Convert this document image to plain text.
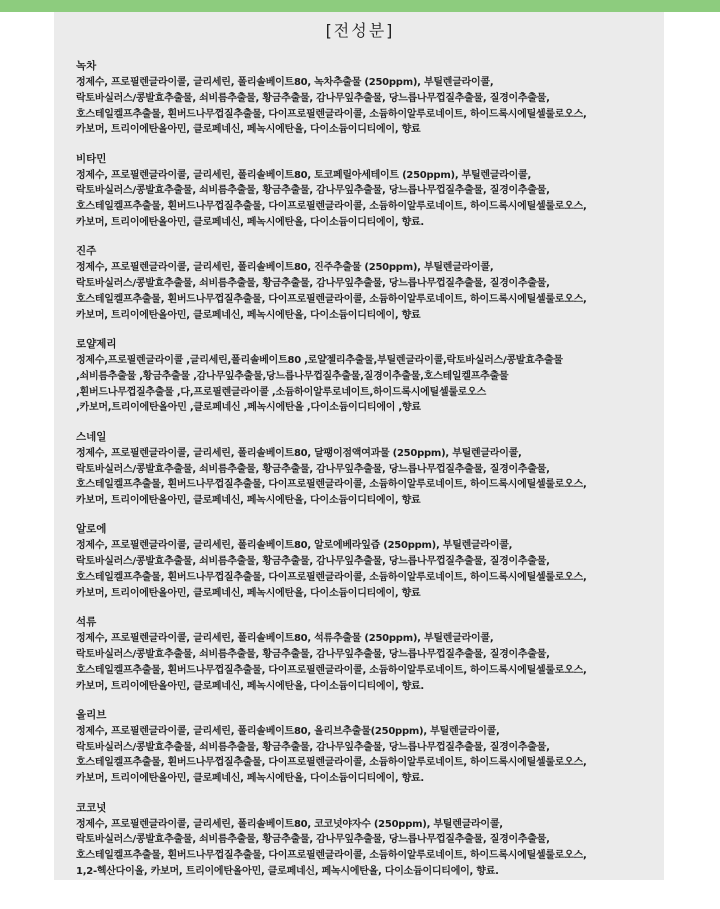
[전성분]
녹차
정제수, 프로필렌글라이콜, 글리세린, 폴리솔베이트80, 녹차추출물 (250ppm), 부틸렌글라이콜,
락토바실러스/콩발효추출물, 쇠비름추출물, 황금추출물, 감나무잎추출물, 당느릅나무껍질추출물, 질경이추출물,
호스테일켈프추출물, 흰버드나무껍질추출물, 다이프로필렌글라이콜, 소듐하이알루로네이트, 하이드록시에틸셀룰로오스,
카보머, 트리이에탄올아민, 클로페네신, 페녹시에탄올, 다이소듐이디티에이, 향료
비타민
정제수, 프로필렌글라이콜, 글리세린, 폴리솔베이트80, 토코페릴아세테이트 (250ppm), 부틸렌글라이콜,
락토바실러스/콩발효추출물, 쇠비름추출물, 황금추출물, 감나무잎추출물, 당느릅나무껍질추출물, 질경이추출물,
호스테일켈프추출물, 흰버드나무껍질추출물, 다이프로필렌글라이콜, 소듐하이알루로네이트, 하이드록시에틸셀룰로오스,
카보머, 트리이에탄올아민, 클로페네신, 페녹시에탄올, 다이소듐이디티에이, 향료.
진주
정제수, 프로필렌글라이콜, 글리세린, 폴리솔베이트80, 진주추출물 (250ppm), 부틸렌글라이콜,
락토바실러스/콩발효추출물, 쇠비름추출물, 황금추출물, 감나무잎추출물, 당느릅나무껍질추출물, 질경이추출물,
호스테일켈프추출물, 흰버드나무껍질추출물, 다이프로필렌글라이콜, 소듐하이알루로네이트, 하이드록시에틸셀룰로오스,
카보머, 트리이에탄올아민, 클로페네신, 페녹시에탄올, 다이소듐이디티에이, 향료
로얄제리
정제수,프로필렌글라이콜 ,글리세린,폴리솔베이트80 ,로얄젤리추출물,부틸렌글라이콜,락토바실러스/콩발효추출물
,쇠비름추출물 ,황금추출물 ,감나무잎추출물,당느릅나무껍질추출물,질경이추출물,호스테일켈프추출물
,흰버드나무껍질추출물 ,다,프로필렌글라이콜 ,소듐하이알루로네이트,하이드록시에틸셀룰로오스
,카보머,트리이에탄올아민 ,클로페네신 ,페녹시에탄올 ,다이소듐이디티에이 ,향료
스네일
정제수, 프로필렌글라이콜, 글리세린, 폴리솔베이트80, 달팽이점액여과물 (250ppm), 부틸렌글라이콜,
락토바실러스/콩발효추출물, 쇠비름추출물, 황금추출물, 감나무잎추출물, 당느릅나무껍질추출물, 질경이추출물,
호스테일켈프추출물, 흰버드나무껍질추출물, 다이프로필렌글라이콜, 소듐하이알루로네이트, 하이드록시에틸셀룰로오스,
카보머, 트리이에탄올아민, 클로페네신, 페녹시에탄올, 다이소듐이디티에이, 향료
알로에
정제수, 프로필렌글라이콜, 글리세린, 폴리솔베이트80, 알로에베라잎즙 (250ppm), 부틸렌글라이콜,
락토바실러스/콩발효추출물, 쇠비름추출물, 황금추출물, 감나무잎추출물, 당느릅나무껍질추출물, 질경이추출물,
호스테일켈프추출물, 흰버드나무껍질추출물, 다이프로필렌글라이콜, 소듐하이알루로네이트, 하이드록시에틸셀룰로오스,
카보머, 트리이에탄올아민, 클로페네신, 페녹시에탄올, 다이소듐이디티에이, 향료
석류
정제수, 프로필렌글라이콜, 글리세린, 폴리솔베이트80, 석류추출물 (250ppm), 부틸렌글라이콜,
락토바실러스/콩발효추출물, 쇠비름추출물, 황금추출물, 감나무잎추출물, 당느릅나무껍질추출물, 질경이추출물,
호스테일켈프추출물, 흰버드나무껍질추출물, 다이프로필렌글라이콜, 소듐하이알루로네이트, 하이드록시에틸셀룰로오스,
카보머, 트리이에탄올아민, 클로페네신, 페녹시에탄올, 다이소듐이디티에이, 향료.
올리브
정제수, 프로필렌글라이콜, 글리세린, 폴리솔베이트80, 올리브추출물(250ppm), 부틸렌글라이콜,
락토바실러스/콩발효추출물, 쇠비름추출물, 황금추출물, 감나무잎추출물, 당느릅나무껍질추출물, 질경이추출물,
호스테일켈프추출물, 흰버드나무껍질추출물, 다이프로필렌글라이콜, 소듐하이알루로네이트, 하이드록시에틸셀룰로오스,
카보머, 트리이에탄올아민, 클로페네신, 페녹시에탄올, 다이소듐이디티에이, 향료.
코코넛
정제수, 프로필렌글라이콜, 글리세린, 폴리솔베이트80, 코코넛야자수 (250ppm), 부틸렌글라이콜,
락토바실러스/콩발효추출물, 쇠비름추출물, 황금추출물, 감나무잎추출물, 당느릅나무껍질추출물, 질경이추출물,
호스테일켈프추출물, 흰버드나무껍질추출물, 다이프로필렌글라이콜, 소듐하이알루로네이트, 하이드록시에틸셀룰로오스,
1,2-헥산다이올, 카보머, 트리이에탄올아민, 클로페네신, 페녹시에탄올, 다이소듐이디티에이, 향료.
